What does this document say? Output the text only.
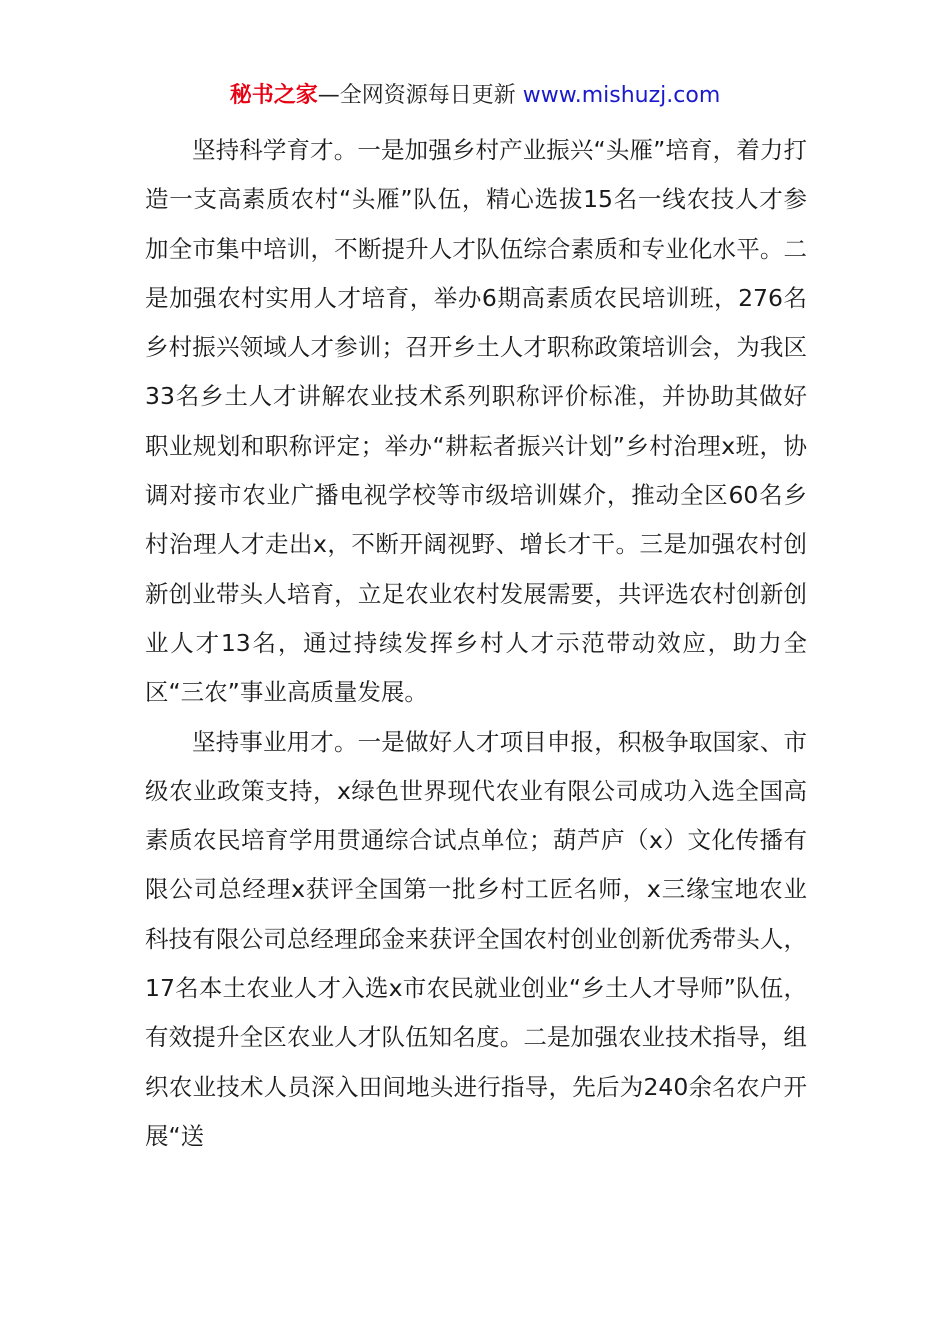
秘书之家—全网资源每日更新 www.mishuzj.com

坚持科学育才。一是加强乡村产业振兴“头雁”培育，着力打造一支高素质农村“头雁”队伍，精心选拔15名一线农技人才参加全市集中培训，不断提升人才队伍综合素质和专业化水平。二是加强农村实用人才培育，举办6期高素质农民培训班，276名乡村振兴领域人才参训；召开乡土人才职称政策培训会，为我区33名乡土人才讲解农业技术系列职称评价标准，并协助其做好职业规划和职称评定；举办“耕耘者振兴计划”乡村治理x班，协调对接市农业广播电视学校等市级培训媒介，推动全区60名乡村治理人才走出x，不断开阔视野、增长才干。三是加强农村创新创业带头人培育，立足农业农村发展需要，共评选农村创新创业人才13名，通过持续发挥乡村人才示范带动效应，助力全区“三农”事业高质量发展。

坚持事业用才。一是做好人才项目申报，积极争取国家、市级农业政策支持，x绿色世界现代农业有限公司成功入选全国高素质农民培育学用贯通综合试点单位；葫芦庐（x）文化传播有限公司总经理x获评全国第一批乡村工匠名师，x三缘宝地农业科技有限公司总经理邱金来获评全国农村创业创新优秀带头人，17名本土农业人才入选x市农民就业创业“乡土人才导师”队伍，有效提升全区农业人才队伍知名度。二是加强农业技术指导，组织农业技术人员深入田间地头进行指导，先后为240余名农户开展“送
